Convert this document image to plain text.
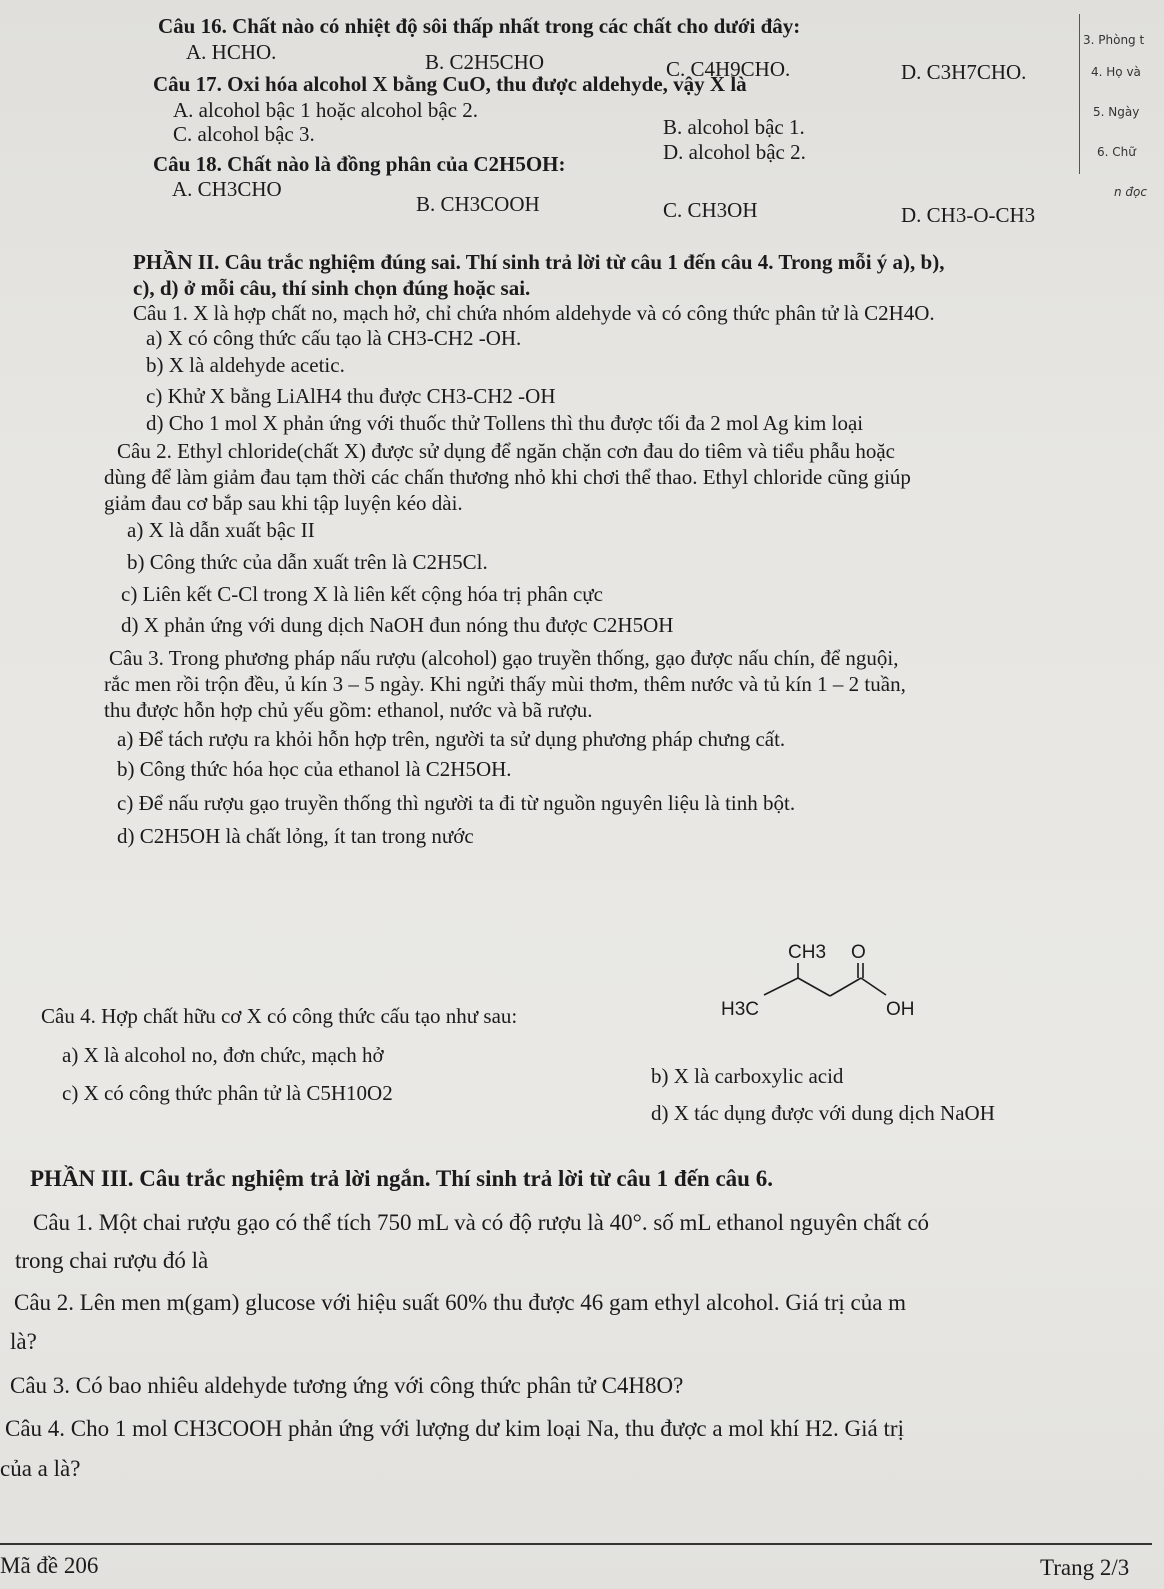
3. Phòng t
4. Họ và
5. Ngày
6. Chữ
n đọc
Câu 16. Chất nào có nhiệt độ sôi thấp nhất trong các chất cho dưới đây:
A. HCHO.	B. C2H5CHO	C. C4H9CHO.	D. C3H7CHO.
Câu 17. Oxi hóa alcohol X bằng CuO, thu được aldehyde, vậy X là
A. alcohol bậc 1 hoặc alcohol bậc 2.
B. alcohol bậc 1.
C. alcohol bậc 3.
D. alcohol bậc 2.
Câu 18. Chất nào là đồng phân của C2H5OH:
A. CH3CHO
B. CH3COOH	C. CH3OH	D. CH3-O-CH3
PHẦN II. Câu trắc nghiệm đúng sai. Thí sinh trả lời từ câu 1 đến câu 4. Trong mỗi ý a), b),
c), d) ở mỗi câu, thí sinh chọn đúng hoặc sai.
Câu 1. X là hợp chất no, mạch hở, chỉ chứa nhóm aldehyde và có công thức phân tử là C2H4O.
a) X có công thức cấu tạo là CH3-CH2 -OH.
b) X là aldehyde acetic.
c) Khử X bằng LiAlH4 thu được CH3-CH2 -OH
d) Cho 1 mol X phản ứng với thuốc thử Tollens thì thu được tối đa 2 mol Ag kim loại
Câu 2. Ethyl chloride(chất X) được sử dụng để ngăn chặn cơn đau do tiêm và tiểu phẫu hoặc
dùng để làm giảm đau tạm thời các chấn thương nhỏ khi chơi thể thao. Ethyl chloride cũng giúp
giảm đau cơ bắp sau khi tập luyện kéo dài.
a) X là dẫn xuất bậc II
b) Công thức của dẫn xuất trên là C2H5Cl.
c) Liên kết C-Cl trong X là liên kết cộng hóa trị phân cực
d) X phản ứng với dung dịch NaOH đun nóng thu được C2H5OH
Câu 3. Trong phương pháp nấu rượu (alcohol) gạo truyền thống, gạo được nấu chín, để nguội,
rắc men rồi trộn đều, ủ kín 3 – 5 ngày. Khi ngửi thấy mùi thơm, thêm nước và tủ kín 1 – 2 tuần,
thu được hỗn hợp chủ yếu gồm: ethanol, nước và bã rượu.
a) Để tách rượu ra khỏi hỗn hợp trên, người ta sử dụng phương pháp chưng cất.
b) Công thức hóa học của ethanol là C2H5OH.
c) Để nấu rượu gạo truyền thống thì người ta đi từ nguồn nguyên liệu là tinh bột.
d) C2H5OH là chất lỏng, ít tan trong nước
CH3 O
H3C	OH
Câu 4. Hợp chất hữu cơ X có công thức cấu tạo như sau:
a) X là alcohol no, đơn chức, mạch hở
b) X là carboxylic acid
c) X có công thức phân tử là C5H10O2
d) X tác dụng được với dung dịch NaOH
PHẦN III. Câu trắc nghiệm trả lời ngắn. Thí sinh trả lời từ câu 1 đến câu 6.
Câu 1. Một chai rượu gạo có thể tích 750 mL và có độ rượu là 40°. số mL ethanol nguyên chất có
trong chai rượu đó là
Câu 2. Lên men m(gam) glucose với hiệu suất 60% thu được 46 gam ethyl alcohol. Giá trị của m
là?
Câu 3. Có bao nhiêu aldehyde tương ứng với công thức phân tử C4H8O?
Câu 4. Cho 1 mol CH3COOH phản ứng với lượng dư kim loại Na, thu được a mol khí H2. Giá trị
của a là?
Mã đề 206	Trang 2/3
